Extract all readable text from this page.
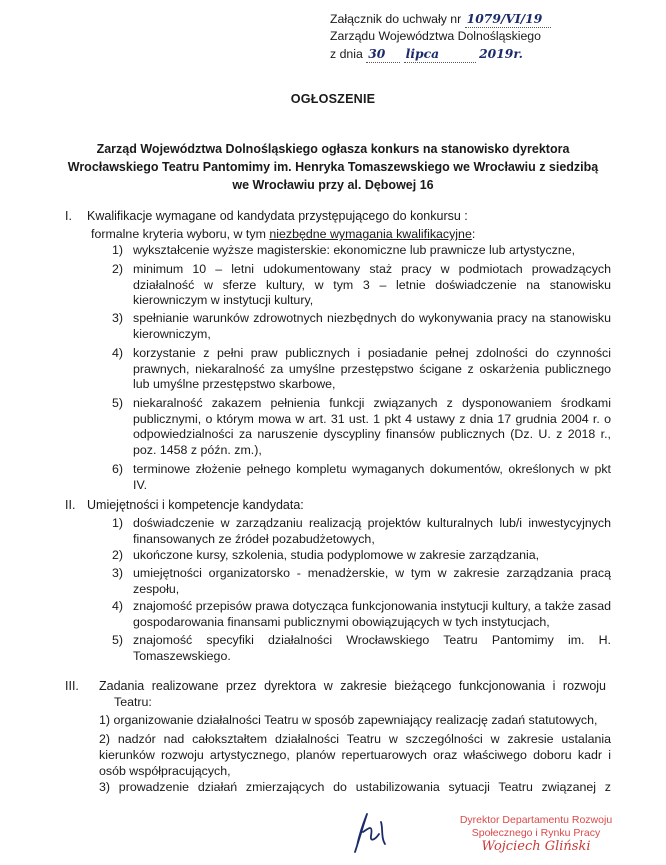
Załącznik do uchwały nr 1079/VI/19
Zarządu Województwa Dolnośląskiego
z dnia 30 lipca	2019r.
OGŁOSZENIE
Zarząd Województwa Dolnośląskiego ogłasza konkurs na stanowisko dyrektora
Wrocławskiego Teatru Pantomimy im. Henryka Tomaszewskiego we Wrocławiu z siedzibą
we Wrocławiu przy al. Dębowej 16
I. Kwalifikacje wymagane od kandydata przystępującego do konkursu :
formalne kryteria wyboru, w tym niezbędne wymagania kwalifikacyjne:
1) wykształcenie wyższe magisterskie: ekonomiczne lub prawnicze lub artystyczne,
2) minimum 10 – letni udokumentowany staż pracy w podmiotach prowadzących działalność w sferze kultury, w tym 3 – letnie doświadczenie na stanowisku kierowniczym w instytucji kultury,
3) spełnianie warunków zdrowotnych niezbędnych do wykonywania pracy na stanowisku kierowniczym,
4) korzystanie z pełni praw publicznych i posiadanie pełnej zdolności do czynności prawnych, niekaralność za umyślne przestępstwo ścigane z oskarżenia publicznego lub umyślne przestępstwo skarbowe,
5) niekaralność zakazem pełnienia funkcji związanych z dysponowaniem środkami publicznymi, o którym mowa w art. 31 ust. 1 pkt 4 ustawy z dnia 17 grudnia 2004 r. o odpowiedzialności za naruszenie dyscypliny finansów publicznych (Dz. U. z 2018 r., poz. 1458 z późn. zm.),
6) terminowe złożenie pełnego kompletu wymaganych dokumentów, określonych w pkt IV.
II. Umiejętności i kompetencje kandydata:
1) doświadczenie w zarządzaniu realizacją projektów kulturalnych lub/i inwestycyjnych finansowanych ze źródeł pozabudżetowych,
2) ukończone kursy, szkolenia, studia podyplomowe w zakresie zarządzania,
3) umiejętności organizatorsko - menadżerskie, w tym w zakresie zarządzania pracą zespołu,
4) znajomość przepisów prawa dotycząca funkcjonowania instytucji kultury, a także zasad gospodarowania finansami publicznymi obowiązujących w tych instytucjach,
5) znajomość specyfiki działalności Wrocławskiego Teatru Pantomimy im. H. Tomaszewskiego.
III. Zadania realizowane przez dyrektora w zakresie bieżącego funkcjonowania i rozwoju
Teatru:
1) organizowanie działalności Teatru w sposób zapewniający realizację zadań statutowych,
2) nadzór nad całokształtem działalności Teatru w szczególności w zakresie ustalania kierunków rozwoju artystycznego, planów repertuarowych oraz właściwego doboru kadr i osób współpracujących,
3) prowadzenie działań zmierzających do ustabilizowania sytuacji Teatru związanej z
Dyrektor Departamentu Rozwoju
Społecznego i Rynku Pracy
Wojciech Gliński
